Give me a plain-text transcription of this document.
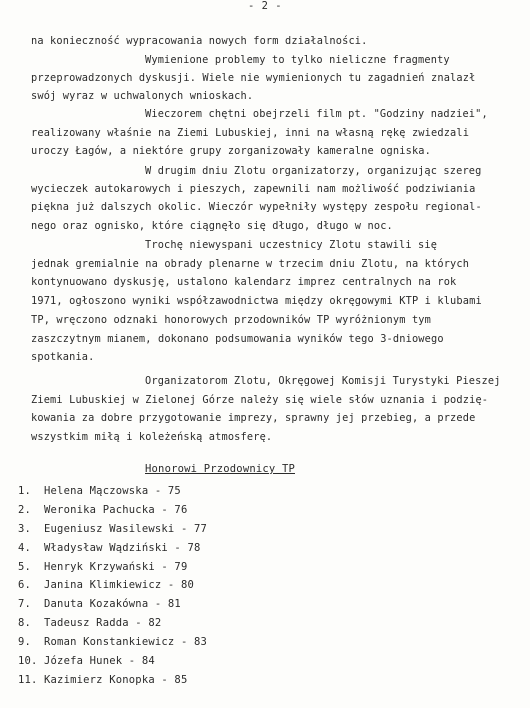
- 2 -
na konieczność wypracowania nowych form działalności.
Wymienione problemy to tylko nieliczne fragmenty
przeprowadzonych dyskusji. Wiele nie wymienionych tu zagadnień znalazł
swój wyraz w uchwalonych wnioskach.
Wieczorem chętni obejrzeli film pt. "Godziny nadziei",
realizowany właśnie na Ziemi Lubuskiej, inni na własną rękę zwiedzali
uroczy Łagów, a niektóre grupy zorganizowały kameralne ogniska.
W drugim dniu Zlotu organizatorzy, organizując szereg
wycieczek autokarowych i pieszych, zapewnili nam możliwość podziwiania
piękna już dalszych okolic. Wieczór wypełniły występy zespołu regional-
nego oraz ognisko, które ciągnęło się długo, długo w noc.
Trochę niewyspani uczestnicy Zlotu stawili się
jednak gremialnie na obrady plenarne w trzecim dniu Zlotu, na których
kontynuowano dyskusję, ustalono kalendarz imprez centralnych na rok
1971, ogłoszono wyniki współzawodnictwa między okręgowymi KTP i klubami
TP, wręczono odznaki honorowych przodowników TP wyróżnionym tym
zaszczytnym mianem, dokonano podsumowania wyników tego 3-dniowego
spotkania.
Organizatorom Zlotu, Okręgowej Komisji Turystyki Pieszej
Ziemi Lubuskiej w Zielonej Górze należy się wiele słów uznania i podzię-
kowania za dobre przygotowanie imprezy, sprawny jej przebieg, a przede
wszystkim miłą i koleżeńską atmosferę.
Honorowi Przodownicy TP
1. Helena Mączowska - 75
2. Weronika Pachucka - 76
3. Eugeniusz Wasilewski - 77
4. Władysław Wądziński - 78
5. Henryk Krzywański - 79
6. Janina Klimkiewicz - 80
7. Danuta Kozakówna - 81
8. Tadeusz Radda - 82
9. Roman Konstankiewicz - 83
10. Józefa Hunek - 84
11. Kazimierz Konopka - 85
